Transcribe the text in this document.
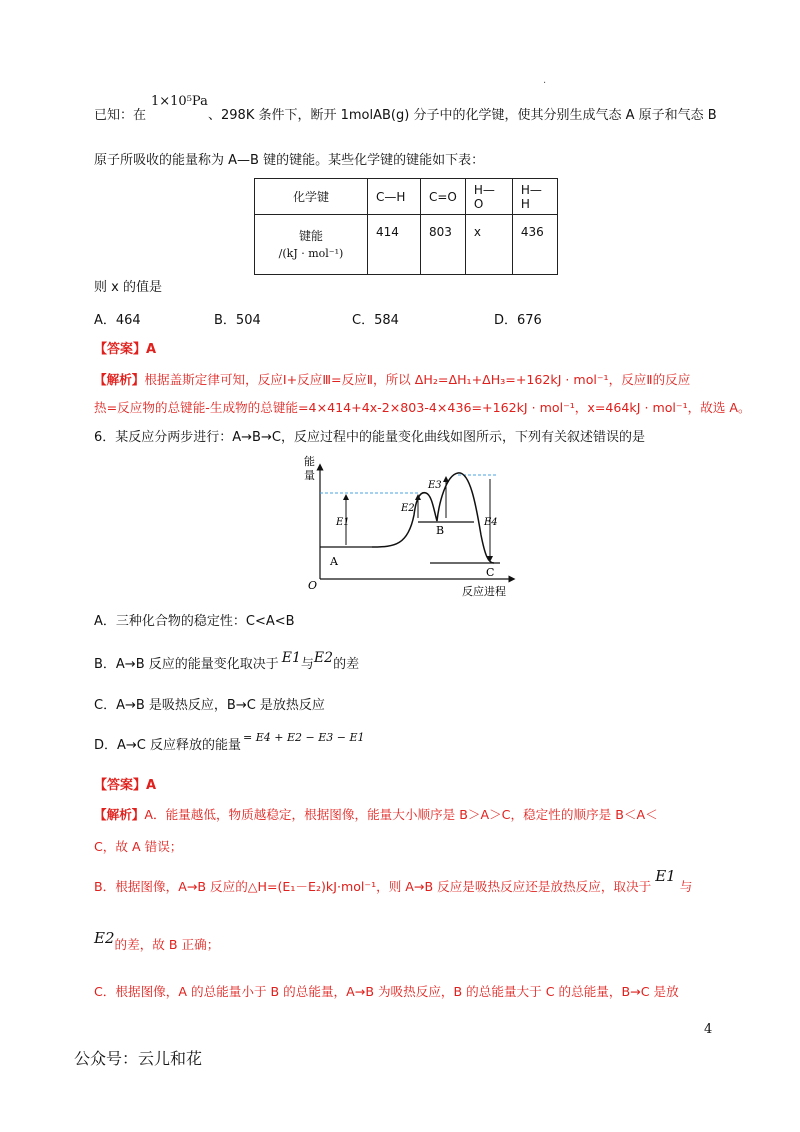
·
已知：在
1×10⁵Pa
、298K 条件下，断开 1molAB(g) 分子中的化学键，使其分别生成气态 A 原子和气态 B
原子所吸收的能量称为 A—B 键的键能。某些化学键的键能如下表：
化学键	C—H	C=O	H—O	H—H

键能
/(kJ · mol⁻¹)	414	803	x	436
则 x 的值是
A．464	B．504	C．584	D．676
【答案】A
【解析】根据盖斯定律可知，反应Ⅰ+反应Ⅲ=反应Ⅱ，所以 ΔH₂=ΔH₁+ΔH₃=+162kJ · mol⁻¹，反应Ⅱ的反应
热=反应物的总键能-生成物的总键能=4×414+4x-2×803-4×436=+162kJ · mol⁻¹，x=464kJ · mol⁻¹，故选 A。
6．某反应分两步进行：A→B→C，反应过程中的能量变化曲线如图所示，下列有关叙述错误的是
能
量
O	反应进程
A
B
C
E1
E2
E3
E4
A．三种化合物的稳定性：C<A<B
B．A→B 反应的能量变化取决于 E1与E2的差
C．A→B 是吸热反应，B→C 是放热反应
D．A→C 反应释放的能量$^{= E4 + E2 - E3 - E1}$
【答案】A
【解析】A．能量越低，物质越稳定，根据图像，能量大小顺序是 B＞A＞C，稳定性的顺序是 B＜A＜
C，故 A 错误；
B．根据图像，A→B 反应的△H=(E₁－E₂)kJ·mol⁻¹，则 A→B 反应是吸热反应还是放热反应，取决于E1与
E2的差，故 B 正确；
C．根据图像，A 的总能量小于 B 的总能量，A→B 为吸热反应，B 的总能量大于 C 的总能量，B→C 是放
4
公众号：云儿和花
